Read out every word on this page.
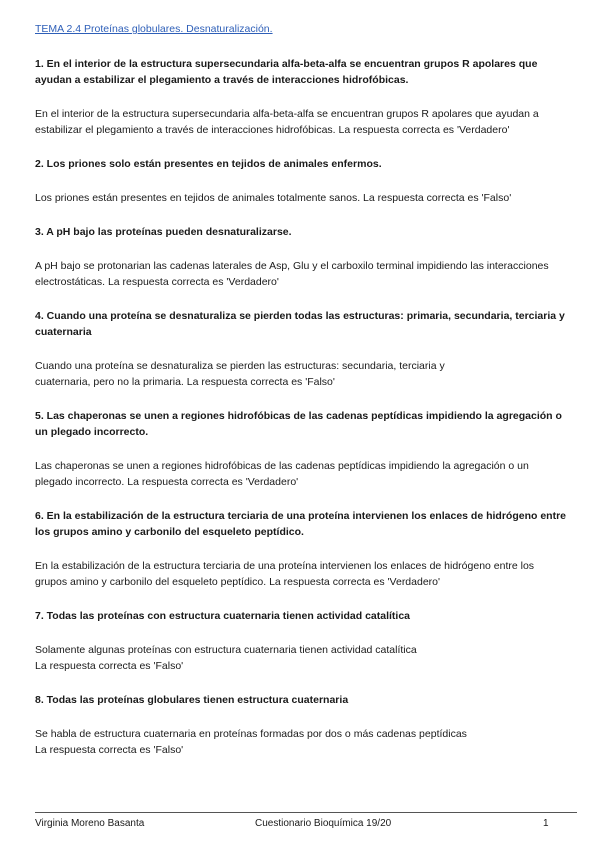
TEMA 2.4 Proteínas globulares. Desnaturalización.
1. En el interior de la estructura supersecundaria alfa-beta-alfa se encuentran grupos R apolares que ayudan a estabilizar el plegamiento a través de interacciones hidrofóbicas.
En el interior de la estructura supersecundaria alfa-beta-alfa se encuentran grupos R apolares que ayudan a estabilizar el plegamiento a través de interacciones hidrofóbicas. La respuesta correcta es 'Verdadero'
2. Los priones solo están presentes en tejidos de animales enfermos.
Los priones están presentes en tejidos de animales totalmente sanos. La respuesta correcta es 'Falso'
3. A pH bajo las proteínas pueden desnaturalizarse.
A pH bajo se protonarian las cadenas laterales de Asp, Glu y el carboxilo terminal impidiendo las interacciones electrostáticas. La respuesta correcta es 'Verdadero'
4. Cuando una proteína se desnaturaliza se pierden todas las estructuras: primaria, secundaria, terciaria y cuaternaria
Cuando una proteína se desnaturaliza se pierden las estructuras: secundaria, terciaria y
cuaternaria, pero no la primaria. La respuesta correcta es 'Falso'
5. Las chaperonas se unen a regiones hidrofóbicas de las cadenas peptídicas impidiendo la agregación o un plegado incorrecto.
Las chaperonas se unen a regiones hidrofóbicas de las cadenas peptídicas impidiendo la agregación o un
plegado incorrecto. La respuesta correcta es 'Verdadero'
6. En la estabilización de la estructura terciaria de una proteína intervienen los enlaces de hidrógeno entre los grupos amino y carbonilo del esqueleto peptídico.
En la estabilización de la estructura terciaria de una proteína intervienen los enlaces de hidrógeno entre los grupos amino y carbonilo del esqueleto peptídico. La respuesta correcta es 'Verdadero'
7. Todas las proteínas con estructura cuaternaria tienen actividad catalítica
Solamente algunas proteínas con estructura cuaternaria tienen actividad catalítica
La respuesta correcta es 'Falso'
8. Todas las proteínas globulares tienen estructura cuaternaria
Se habla de estructura cuaternaria en proteínas formadas por dos o más cadenas peptídicas
La respuesta correcta es 'Falso'
Virginia Moreno Basanta	Cuestionario Bioquímica 19/20	1
